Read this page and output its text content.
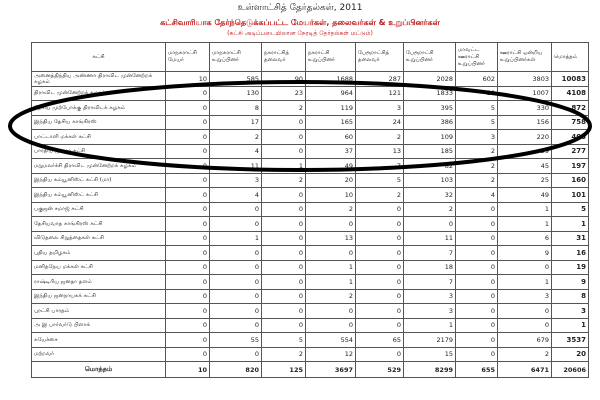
உள்ளாட்சித் தேர்தல்கள், 2011
கட்சிவாரியாக தேர்ந்தெடுக்கப்பட்ட மேயர்கள், தலைவர்கள் & உறுப்பினர்கள்
(கட்சி அடிப்படையிலான நேரடித் தேர்தல்கள் மட்டும்)
கட்சி	மாநகராட்சி மேயர்	மாநகராட்சி உறுப்பினர்	நகராட்சித் தலைவர்	நகராட்சி உறுப்பினர்	பேரூராட்சித் தலைவர்	பேரூராட்சி உறுப்பினர்	மாவட்ட ஊராட்சி உறுப்பினர்	ஊராட்சி ஒன்றிய உறுப்பினர்கள்	மொத்தம்
அனைத்திந்திய அண்ணா திராவிட முன்னேற்றக் கழகம்	10	585	90	1688	287	2028	602	3803	10083
திராவிட முன்னேற்றக் கழகம்	0	130	23	964	121	1833	30	1007	4108
தேசிய முற்போக்கு திராவிடக் கழகம்	0	8	2	119	3	395	5	330	872
இந்திய தேசிய காங்கிரஸ்	0	17	0	165	24	386	5	156	758
பாட்டாளி மக்கள் கட்சி	0	2	0	60	2	109	3	220	405
பாரதிய ஜனதா கட்சி	0	4	0	37	13	185	2	29	277
மறுமலர்ச்சி திராவிட முன்னேற்றக் கழகம்	0	11	1	49	7	82	2	45	197
இந்திய கம்யூனிஸ்ட் கட்சி (மா)	0	3	2	20	5	103	2	25	160
இந்திய கம்யூனிஸ்ட் கட்சி	0	4	0	10	2	32	4	49	101
பகுஜன் சமாஜ் கட்சி	0	0	0	2	0	2	0	1	5
தேசியவாத காங்கிரஸ் கட்சி	0	0	0	0	0	0	0	1	1
விடுதலை சிறுத்தைகள் கட்சி	0	1	0	13	0	11	0	6	31
புதிய தமிழகம்	0	0	0	0	0	7	0	9	16
மனிதநேய மக்கள் கட்சி	0	0	0	1	0	18	0	0	19
ராஷ்டிரிய ஜனதா தளம்	0	0	0	1	0	7	0	1	9
இந்திய ஜனநாயகக் கட்சி	0	0	0	2	0	3	0	3	8
புரட்சி பாரதம்	0	0	0	0	0	3	0	0	3
அ இ பார்வர்டு பிளாக்	0	0	0	0	0	1	0	0	1
சுயேச்சை	0	55	5	554	65	2179	0	679	3537
மற்றவர்	0	0	2	12	0	15	0	2	20
மொத்தம்	10	820	125	3697	529	8299	655	6471	20606
